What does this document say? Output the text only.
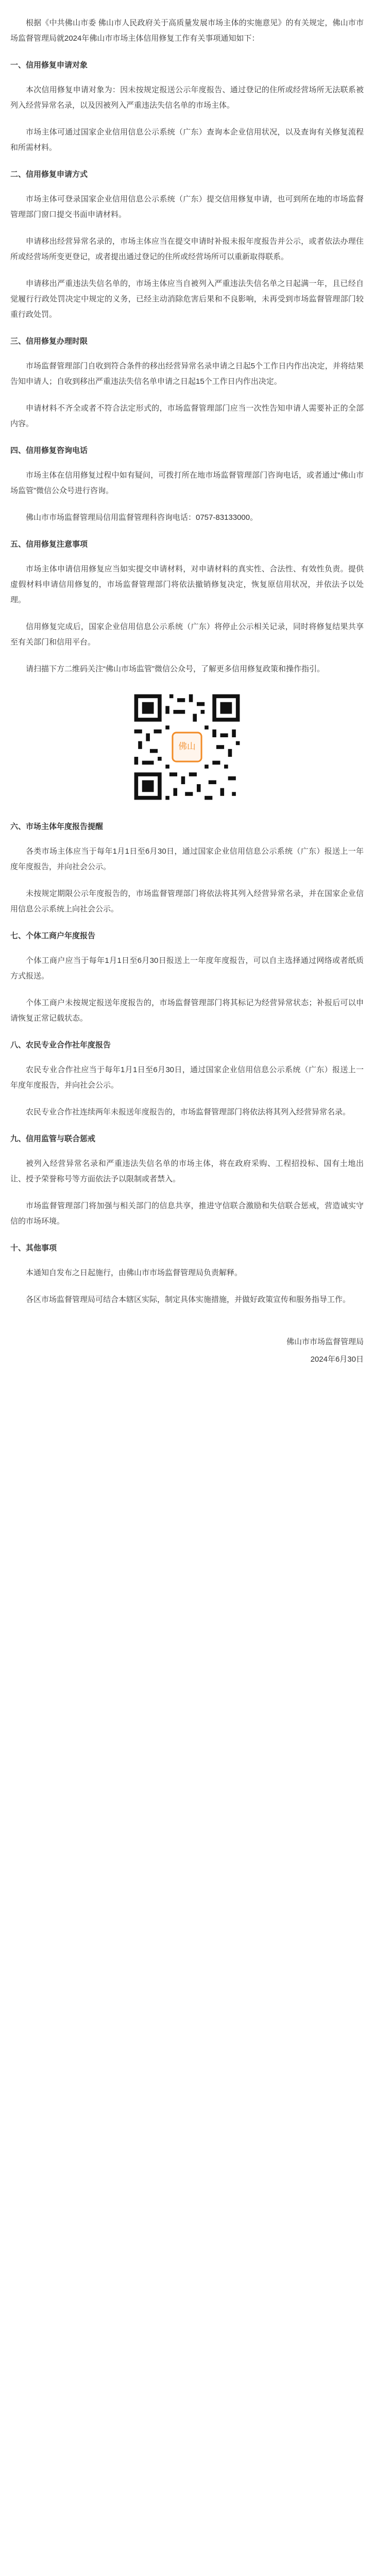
根据《中共佛山市委 佛山市人民政府关于高质量发展市场主体的实施意见》的有关规定，佛山市市场监督管理局就2024年佛山市市场主体信用修复工作有关事项通知如下：

一、信用修复申请对象

本次信用修复申请对象为：因未按规定报送公示年度报告、通过登记的住所或经营场所无法联系被列入经营异常名录，以及因被列入严重违法失信名单的市场主体。

市场主体可通过国家企业信用信息公示系统（广东）查询本企业信用状况，以及查询有关修复流程和所需材料。

二、信用修复申请方式

市场主体可登录国家企业信用信息公示系统（广东）提交信用修复申请，也可到所在地的市场监督管理部门窗口提交书面申请材料。

申请移出经营异常名录的，市场主体应当在提交申请时补报未报年度报告并公示，或者依法办理住所或经营场所变更登记，或者提出通过登记的住所或经营场所可以重新取得联系。

申请移出严重违法失信名单的，市场主体应当自被列入严重违法失信名单之日起满一年，且已经自觉履行行政处罚决定中规定的义务，已经主动消除危害后果和不良影响，未再受到市场监督管理部门较重行政处罚。

三、信用修复办理时限

市场监督管理部门自收到符合条件的移出经营异常名录申请之日起5个工作日内作出决定，并将结果告知申请人；自收到移出严重违法失信名单申请之日起15个工作日内作出决定。

申请材料不齐全或者不符合法定形式的，市场监督管理部门应当一次性告知申请人需要补正的全部内容。

四、信用修复咨询电话

市场主体在信用修复过程中如有疑问，可拨打所在地市场监督管理部门咨询电话，或者通过“佛山市场监管”微信公众号进行咨询。

佛山市市场监督管理局信用监督管理科咨询电话：0757-83133000。

五、信用修复注意事项

市场主体申请信用修复应当如实提交申请材料，对申请材料的真实性、合法性、有效性负责。提供虚假材料申请信用修复的，市场监督管理部门将依法撤销修复决定，恢复原信用状况，并依法予以处理。

信用修复完成后，国家企业信用信息公示系统（广东）将停止公示相关记录，同时将修复结果共享至有关部门和信用平台。

请扫描下方二维码关注“佛山市场监管”微信公众号，了解更多信用修复政策和操作指引。

佛山

六、市场主体年度报告提醒

各类市场主体应当于每年1月1日至6月30日，通过国家企业信用信息公示系统（广东）报送上一年度年度报告，并向社会公示。

未按规定期限公示年度报告的，市场监督管理部门将依法将其列入经营异常名录，并在国家企业信用信息公示系统上向社会公示。

七、个体工商户年度报告

个体工商户应当于每年1月1日至6月30日报送上一年度年度报告，可以自主选择通过网络或者纸质方式报送。

个体工商户未按规定报送年度报告的，市场监督管理部门将其标记为经营异常状态；补报后可以申请恢复正常记载状态。

八、农民专业合作社年度报告

农民专业合作社应当于每年1月1日至6月30日，通过国家企业信用信息公示系统（广东）报送上一年度年度报告，并向社会公示。

农民专业合作社连续两年未报送年度报告的，市场监督管理部门将依法将其列入经营异常名录。

九、信用监管与联合惩戒

被列入经营异常名录和严重违法失信名单的市场主体，将在政府采购、工程招投标、国有土地出让、授予荣誉称号等方面依法予以限制或者禁入。

市场监督管理部门将加强与相关部门的信息共享，推进守信联合激励和失信联合惩戒，营造诚实守信的市场环境。

十、其他事项

本通知自发布之日起施行，由佛山市市场监督管理局负责解释。

各区市场监督管理局可结合本辖区实际，制定具体实施措施，并做好政策宣传和服务指导工作。

佛山市市场监督管理局

2024年6月30日
